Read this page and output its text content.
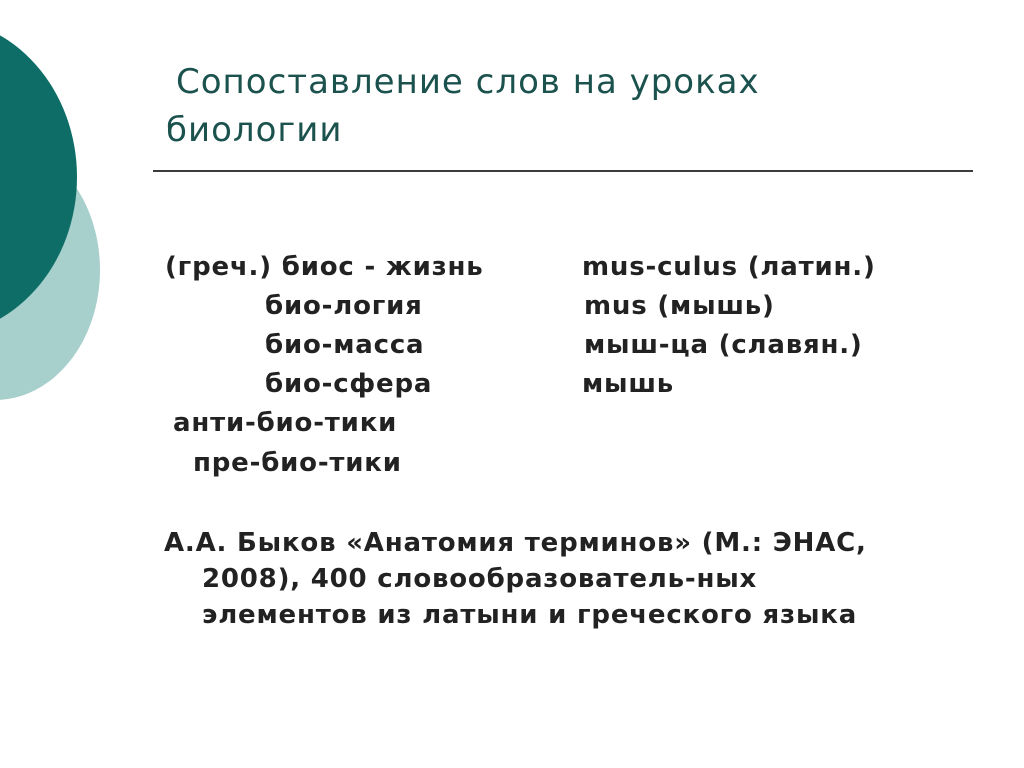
Сопоставление слов на уроках
биологии
(греч.) биос - жизнь
био-логия
био-масса
био-сфера
анти-био-тики
пре-био-тики
mus-culus (латин.)
mus (мышь)
мыш-ца (славян.)
мышь
А.А. Быков «Анатомия терминов» (М.: ЭНАС,
2008), 400 словообразователь-ных
элементов из латыни и греческого языка
